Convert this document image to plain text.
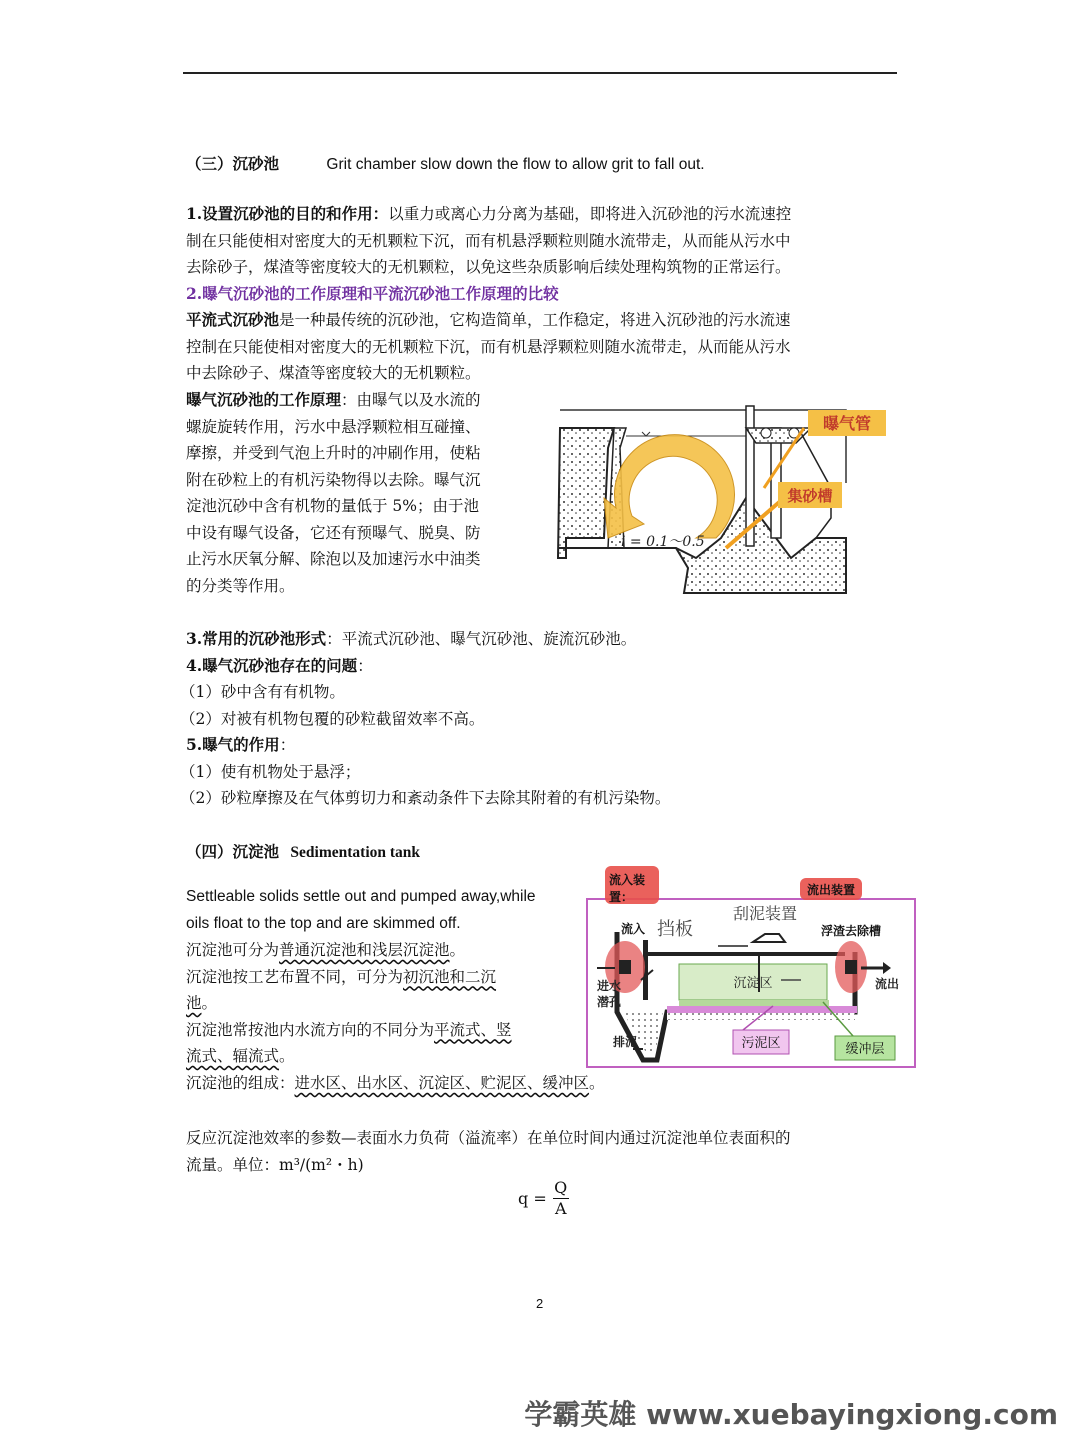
（三）沉砂池	Grit chamber slow down the flow to allow grit to fall out.
1.设置沉砂池的目的和作用：以重力或离心力分离为基础，即将进入沉砂池的污水流速控
制在只能使相对密度大的无机颗粒下沉，而有机悬浮颗粒则随水流带走，从而能从污水中
去除砂子，煤渣等密度较大的无机颗粒，以免这些杂质影响后续处理构筑物的正常运行。
2.曝气沉砂池的工作原理和平流沉砂池工作原理的比较
平流式沉砂池是一种最传统的沉砂池，它构造简单，工作稳定，将进入沉砂池的污水流速
控制在只能使相对密度大的无机颗粒下沉，而有机悬浮颗粒则随水流带走，从而能从污水
中去除砂子、煤渣等密度较大的无机颗粒。
曝气沉砂池的工作原理：由曝气以及水流的
螺旋旋转作用，污水中悬浮颗粒相互碰撞、
摩擦，并受到气泡上升时的冲刷作用，使粘
附在砂粒上的有机污染物得以去除。曝气沉
淀池沉砂中含有机物的量低于 5%；由于池
中设有曝气设备，它还有预曝气、脱臭、防
止污水厌氧分解、除泡以及加速污水中油类
的分类等作用。
i = 0.1～0.5
曝气管
集砂槽
3.常用的沉砂池形式：平流式沉砂池、曝气沉砂池、旋流沉砂池。
4.曝气沉砂池存在的问题：
（1）砂中含有有机物。
（2）对被有机物包覆的砂粒截留效率不高。
5.曝气的作用：
（1）使有机物处于悬浮；
（2）砂粒摩擦及在气体剪切力和紊动条件下去除其附着的有机污染物。
（四）沉淀池 Sedimentation tank
Settleable solids settle out and pumped away,while
oils float to the top and are skimmed off.
沉淀池可分为普通沉淀池和浅层沉淀池。
沉淀池按工艺布置不同，可分为初沉池和二沉
池。
沉淀池常按池内水流方向的不同分为平流式、竖
流式、辐流式。
沉淀池的组成：进水区、出水区、沉淀区、贮泥区、缓冲区。
流入装
置：	流出装置
刮泥装置
挡板
流入	浮渣去除槽
沉淀区
进水
潜孔
流出
排泥	污泥区	缓冲层
反应沉淀池效率的参数—表面水力负荷（溢流率）在单位时间内通过沉淀池单位表面积的
流量。单位：m³/(m²・h)
q =
Q
A
2
学霸英雄 www.xuebayingxiong.com
